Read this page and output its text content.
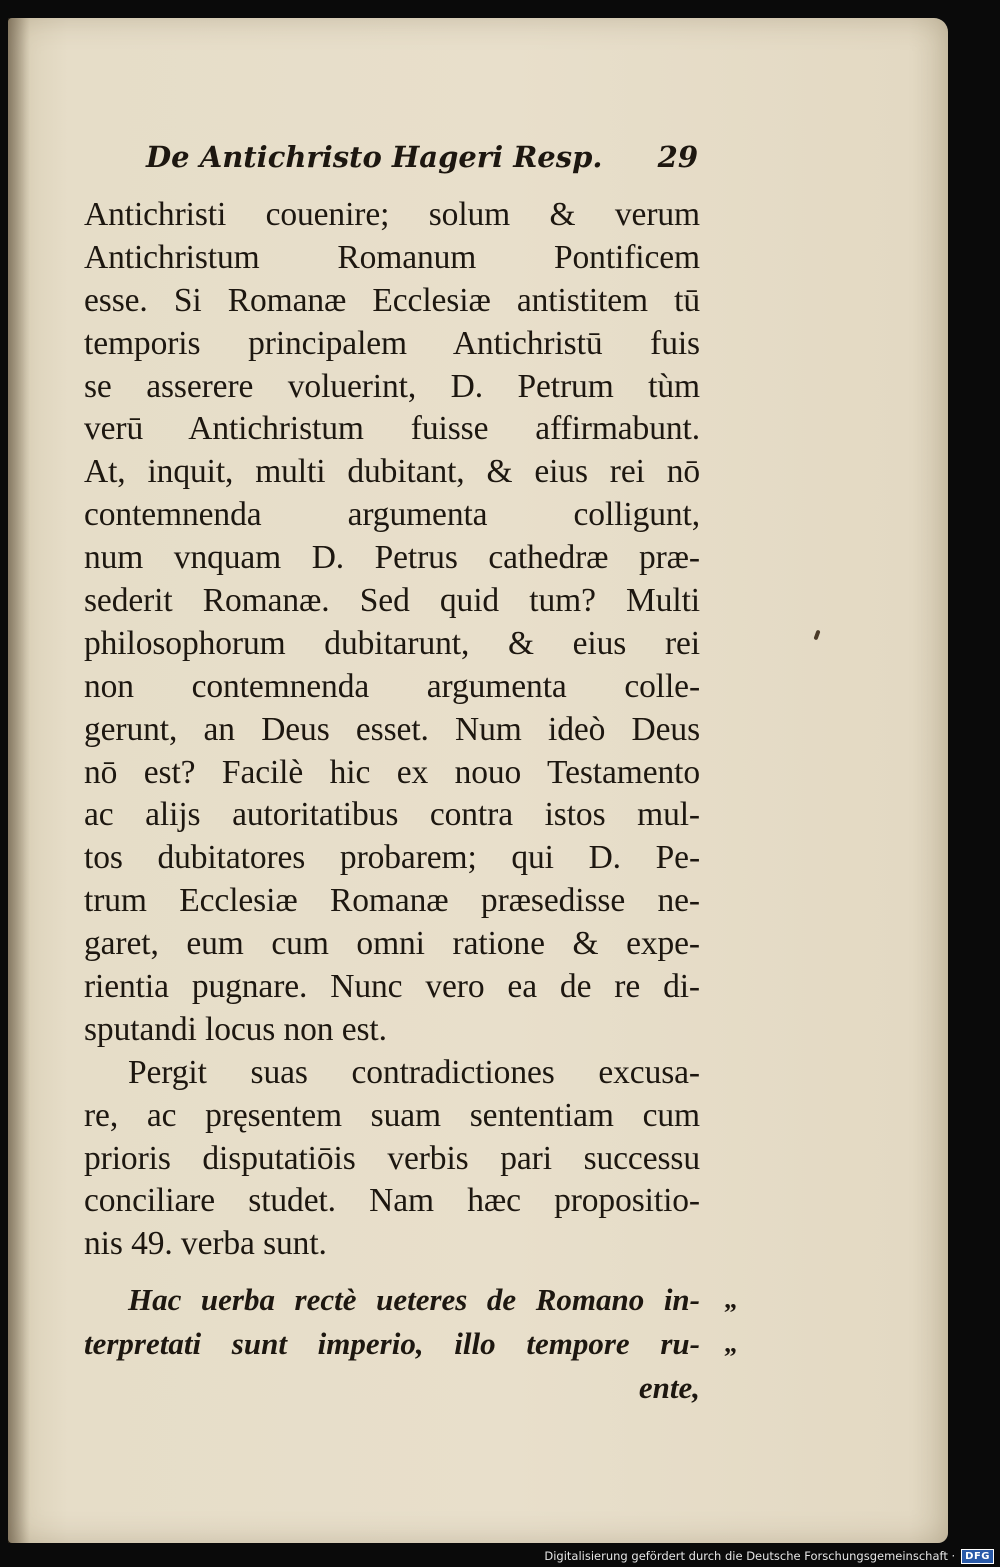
De Antichristo Hageri Resp. 29
Antichristi couenire; solum & verum
Antichristum Romanum Pontificem
esse. Si Romanæ Ecclesiæ antistitem tū
temporis principalem Antichristū fuis
se asserere voluerint, D. Petrum tùm
verū Antichristum fuisse affirmabunt.
At, inquit, multi dubitant, & eius rei nō
contemnenda argumenta colligunt,
num vnquam D. Petrus cathedræ præ-
sederit Romanæ. Sed quid tum? Multi
philosophorum dubitarunt, & eius rei
non contemnenda argumenta colle-
gerunt, an Deus esset. Num ideò Deus
nō est? Facilè hic ex nouo Testamento
ac alijs autoritatibus contra istos mul-
tos dubitatores probarem; qui D. Pe-
trum Ecclesiæ Romanæ præsedisse ne-
garet, eum cum omni ratione & expe-
rientia pugnare. Nunc vero ea de re di-
sputandi locus non est.
Pergit suas contradictiones excusa-
re, ac pręsentem suam sententiam cum
prioris disputatiōis verbis pari successu
conciliare studet. Nam hæc propositio-
nis 49. verba sunt.
Hac uerba rectè ueteres de Romano in- „
terpretati sunt imperio, illo tempore ru- „
ente,
Digitalisierung gefördert durch die Deutsche Forschungsgemeinschaft ·	DFG
